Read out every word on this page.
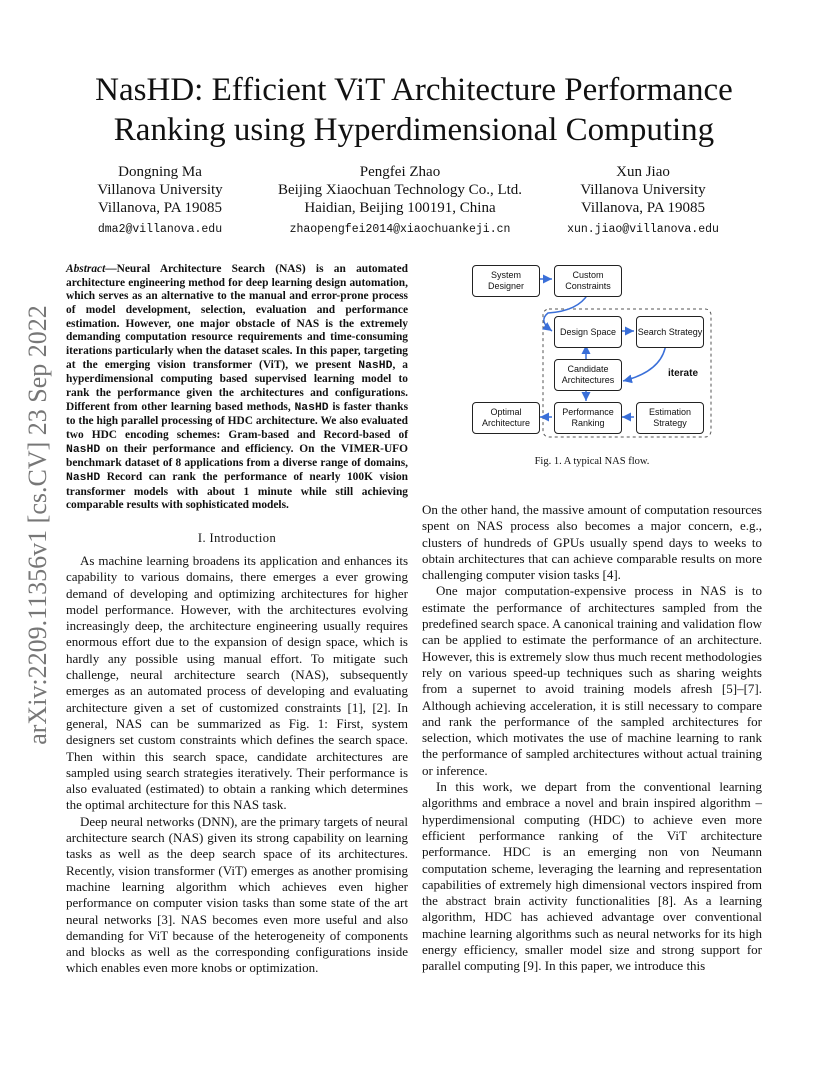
NasHD: Efficient ViT Architecture Performance
Ranking using Hyperdimensional Computing
Dongning Ma
Villanova University
Villanova, PA 19085
dma2@villanova.edu
Pengfei Zhao
Beijing Xiaochuan Technology Co., Ltd.
Haidian, Beijing 100191, China
zhaopengfei2014@xiaochuankeji.cn
Xun Jiao
Villanova University
Villanova, PA 19085
xun.jiao@villanova.edu
arXiv:2209.11356v1 [cs.CV] 23 Sep 2022
Abstract—Neural Architecture Search (NAS) is an automated architecture engineering method for deep learning design automation, which serves as an alternative to the manual and error-prone process of model development, selection, evaluation and performance estimation. However, one major obstacle of NAS is the extremely demanding computation resource requirements and time-consuming iterations particularly when the dataset scales. In this paper, targeting at the emerging vision transformer (ViT), we present NasHD, a hyperdimensional computing based supervised learning model to rank the performance given the architectures and configurations. Different from other learning based methods, NasHD is faster thanks to the high parallel processing of HDC architecture. We also evaluated two HDC encoding schemes: Gram-based and Record-based of NasHD on their performance and efficiency. On the VIMER-UFO benchmark dataset of 8 applications from a diverse range of domains, NasHD Record can rank the performance of nearly 100K vision transformer models with about 1 minute while still achieving comparable results with sophisticated models.
I. Introduction

As machine learning broadens its application and enhances its capability to various domains, there emerges a ever growing demand of developing and optimizing architectures for higher model performance. However, with the architectures evolving increasingly deep, the architecture engineering usually requires enormous effort due to the expansion of design space, which is hardly any possible using manual effort. To mitigate such challenge, neural architecture search (NAS), subsequently emerges as an automated process of developing and evaluating architecture given a set of customized constraints [1], [2]. In general, NAS can be summarized as Fig. 1: First, system designers set custom constraints which defines the search space. Then within this search space, candidate architectures are sampled using search strategies iteratively. Their performance is also evaluated (estimated) to obtain a ranking which determines the optimal architecture for this NAS task.

Deep neural networks (DNN), are the primary targets of neural architecture search (NAS) given its strong capability on learning tasks as well as the deep search space of its architectures. Recently, vision transformer (ViT) emerges as another promising machine learning algorithm which achieves even higher performance on computer vision tasks than some state of the art neural networks [3]. NAS becomes even more useful and also demanding for ViT because of the heterogeneity of components and blocks as well as the corresponding configurations inside which enables even more knobs or optimization.

System Designer
Custom Constraints
Design Space	Search Strategy
Candidate Architectures
Optimal Architecture
Performance Ranking
Estimation Strategy
iterate
Fig. 1. A typical NAS flow.

On the other hand, the massive amount of computation resources spent on NAS process also becomes a major concern, e.g., clusters of hundreds of GPUs usually spend days to weeks to obtain architectures that can achieve comparable results on more challenging computer vision tasks [4].

One major computation-expensive process in NAS is to estimate the performance of architectures sampled from the predefined search space. A canonical training and validation flow can be applied to estimate the performance of an architecture. However, this is extremely slow thus much recent methodologies rely on various speed-up techniques such as sharing weights from a supernet to avoid training models afresh [5]–[7]. Although achieving acceleration, it is still necessary to compare and rank the performance of the sampled architectures for selection, which motivates the use of machine learning to rank the performance of sampled architectures without actual training or inference.

In this work, we depart from the conventional learning algorithms and embrace a novel and brain inspired algorithm – hyperdimensional computing (HDC) to achieve even more efficient performance ranking of the ViT architecture performance. HDC is an emerging non von Neumann computation scheme, leveraging the learning and representation capabilities of extremely high dimensional vectors inspired from the abstract brain activity functionalities [8]. As a learning algorithm, HDC has achieved advantage over conventional machine learning algorithms such as neural networks for its high energy efficiency, smaller model size and strong support for parallel computing [9]. In this paper, we introduce this
